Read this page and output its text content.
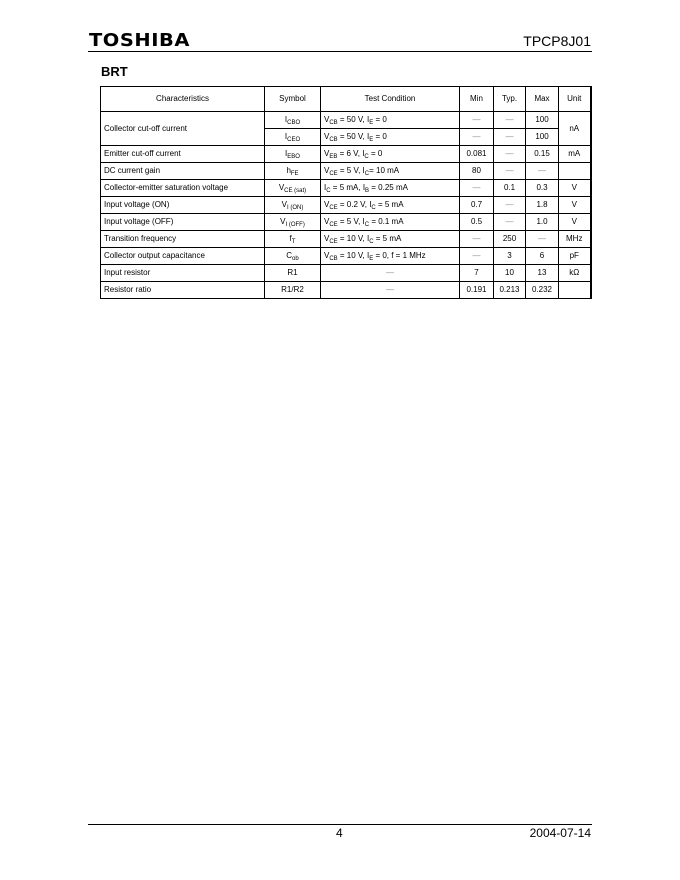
TOSHIBA	TPCP8J01
BRT
Characteristics	Symbol	Test Condition	Min	Typ.	Max	Unit
Collector cut-off current	$I_{CBO}$	$V_{CB} = 50$ V, $I_E = 0$	—	—	100	nA
	$I_{CEO}$	$V_{CB} = 50$ V, $I_E = 0$	—	—	100	
Emitter cut-off current	$I_{EBO}$	$V_{EB} = 6$ V, $I_C = 0$	0.081	—	0.15	mA
DC current gain	$h_{FE}$	$V_{CE} = 5$ V, $I_C= 10$ mA	80	—	—	
Collector-emitter saturation voltage	$V_{CE (sat)}$	$I_C = 5$ mA, $I_B = 0.25$ mA	—	0.1	0.3	V
Input voltage (ON)	$V_{I (ON)}$	$V_{CE} = 0.2$ V, $I_C = 5$ mA	0.7	—	1.8	V
Input voltage (OFF)	$V_{I (OFF)}$	$V_{CE} = 5$ V, $I_C = 0.1$ mA	0.5	—	1.0	V
Transition frequency	$f_T$	$V_{CE} = 10$ V, $I_C = 5$ mA	—	250	—	MHz
Collector output capacitance	$C_{ob}$	$V_{CB} = 10$ V, $I_E = 0$, f = 1 MHz	—	3	6	pF
Input resistor	R1	—	7	10	13	kΩ
Resistor ratio	R1/R2	—	0.191	0.213	0.232	
4	2004-07-14
